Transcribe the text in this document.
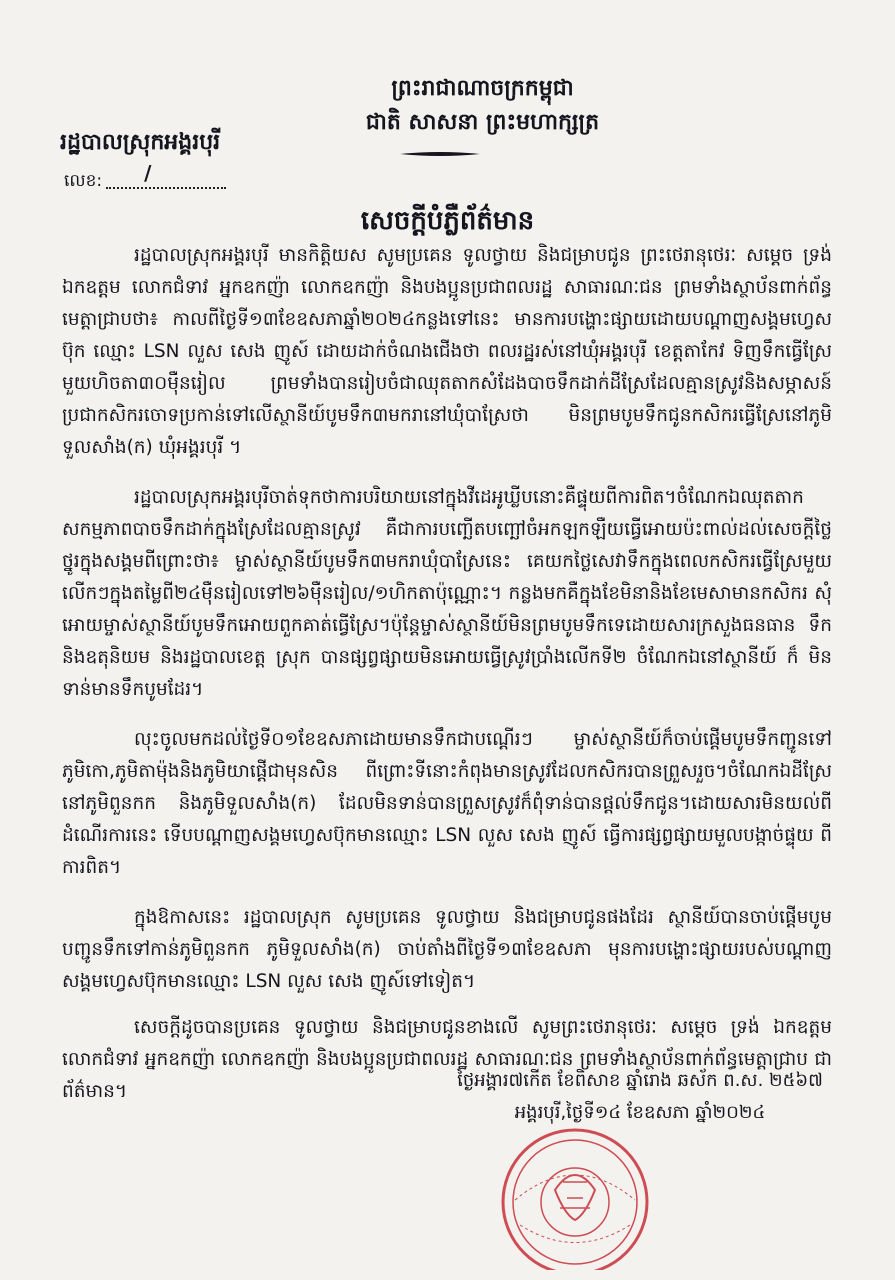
ព្រះរាជាណាចក្រកម្ពុជា
ជាតិ សាសនា ព្រះមហាក្សត្រ
រដ្ឋបាលស្រុកអង្គរបុរី
លេខ: /
សេចក្តីបំភ្លឺព័ត៌មាន

រដ្ឋបាលស្រុកអង្គរបុរី មានកិត្តិយស សូមប្រគេន ទូលថ្វាយ និងជម្រាបជូន ព្រះថេរានុថេរៈ សម្តេច ទ្រង់ ឯកឧត្តម លោកជំទាវ អ្នកឧកញ៉ា លោកឧកញ៉ា និងបងប្អូនប្រជាពលរដ្ឋ សាធារណៈជន ព្រមទាំងស្ថាប័នពាក់ព័ន្ធ មេត្តាជ្រាបថា៖ កាលពីថ្ងៃទី១៣ខែឧសភាឆ្នាំ២០២៤កន្លងទៅនេះ មានការបង្ហោះផ្សាយដោយបណ្តាញសង្គមហ្វេស ប៊ុក ឈ្មោះ LSN លួស សេង ញូស៍ ដោយដាក់ចំណងជើងថា ពលរដ្ឋរស់នៅឃុំអង្គរបុរី ខេត្តតាកែវ ទិញទឹកធ្វើស្រែ មួយហិចតា៣០ម៉ឺនរៀល ព្រមទាំងបានរៀបចំជាឈុតតាកសំដែងបាចទឹកដាក់ដីស្រែដែលគ្មានស្រូវនិងសម្ភាសន៍ ប្រជាកសិករចោទប្រកាន់ទៅលើស្ថានីយ៍បូមទឹក៣មករានៅឃុំបាស្រែថា មិនព្រមបូមទឹកជូនកសិករធ្វើស្រែនៅភូមិ ទួលសាំង(ក) ឃុំអង្គរបុរី ។

រដ្ឋបាលស្រុកអង្គរបុរីចាត់ទុកថាការបរិយាយនៅក្នុងវីដេអូឃ្លីបនោះគឺផ្ទុយពីការពិត។ចំណែកឯឈុតតាក សកម្មភាពបាចទឹកដាក់ក្នុងស្រែដែលគ្មានស្រូវ គឺជាការបញ្ឆើតបញ្ឆៅចំអកឡកឡឺយធ្វើអោយប៉ះពាល់ដល់សេចក្តីថ្លៃ ថ្នូរក្នុងសង្គមពីព្រោះថា៖ ម្ចាស់ស្ថានីយ៍បូមទឹក៣មករាឃុំបាស្រែនេះ គេយកថ្លៃសេវាទឹកក្នុងពេលកសិករធ្វើស្រែមួយ លើកៗក្នុងតម្លៃពី២៤ម៉ឺនរៀលទៅ២៦ម៉ឺនរៀល/១ហិកតាប៉ុណ្ណោះ។ កន្លងមកគឺក្នុងខែមិនានិងខែមេសាមានកសិករ សុំអោយម្ចាស់ស្ថានីយ៍បូមទឹកអោយពួកគាត់ធ្វើស្រែ។ប៉ុន្តែម្ចាស់ស្ថានីយ៍មិនព្រមបូមទឹកទេដោយសារក្រសួងធនធាន ទឹកនិងឧតុនិយម និងរដ្ឋបាលខេត្ត ស្រុក បានផ្សព្វផ្សាយមិនអោយធ្វើស្រូវប្រាំងលើកទី២ ចំណែកឯនៅស្ថានីយ៍ ក៏ មិនទាន់មានទឹកបូមដែរ។

លុះចូលមកដល់ថ្ងៃទី០១ខែឧសភាដោយមានទឹកជាបណ្តើរៗ ម្ចាស់ស្ថានីយ៍ក៏ចាប់ផ្តើមបូមទឹកញ្ជូនទៅ ភូមិកោ,ភូមិតាម៉ុងនិងភូមិយាផ្តើជាមុនសិន ពីព្រោះទីនោះកំពុងមានស្រូវដែលកសិករបានព្រួសរួច។ចំណែកឯដីស្រែ នៅភូមិពួនកក និងភូមិទួលសាំង(ក) ដែលមិនទាន់បានព្រួសស្រូវក៏ពុំទាន់បានផ្តល់ទឹកជូន។ដោយសារមិនយល់ពី ដំណើរការនេះ ទើបបណ្តាញសង្គមហ្វេសប៊ុកមានឈ្មោះ LSN លួស សេង ញូស៍ ធ្វើការផ្សព្វផ្សាយមួលបង្កាច់ផ្ទុយ ពីការពិត។

ក្នុងឱកាសនេះ រដ្ឋបាលស្រុក សូមប្រគេន ទូលថ្វាយ និងជម្រាបជូនផងដែរ ស្ថានីយ៍បានចាប់ផ្តើមបូម បញ្ជូនទឹកទៅកាន់ភូមិពួនកក ភូមិទួលសាំង(ក) ចាប់តាំងពីថ្ងៃទី១៣ខែឧសភា មុនការបង្ហោះផ្សាយរបស់បណ្តាញ សង្គមហ្វេសប៊ុកមានឈ្មោះ LSN លួស សេង ញូស៍ទៅទៀត។

សេចក្តីដូចបានប្រគេន ទូលថ្វាយ និងជម្រាបជូនខាងលើ សូមព្រះថេរានុថេរៈ សម្តេច ទ្រង់ ឯកឧត្តម លោកជំទាវ អ្នកឧកញ៉ា លោកឧកញ៉ា និងបងប្អូនប្រជាពលរដ្ឋ សាធារណៈជន ព្រមទាំងស្ថាប័នពាក់ព័ន្ធមេត្តាជ្រាប ជាព័ត៌មាន។

ថ្ងៃអង្គារ៧កើត ខែពិសាខ ឆ្នាំរោង ឆស័ក ព.ស. ២៥៦៧
អង្គរបុរី,ថ្ងៃទី១៤ ខែឧសភា ឆ្នាំ២០២៤
